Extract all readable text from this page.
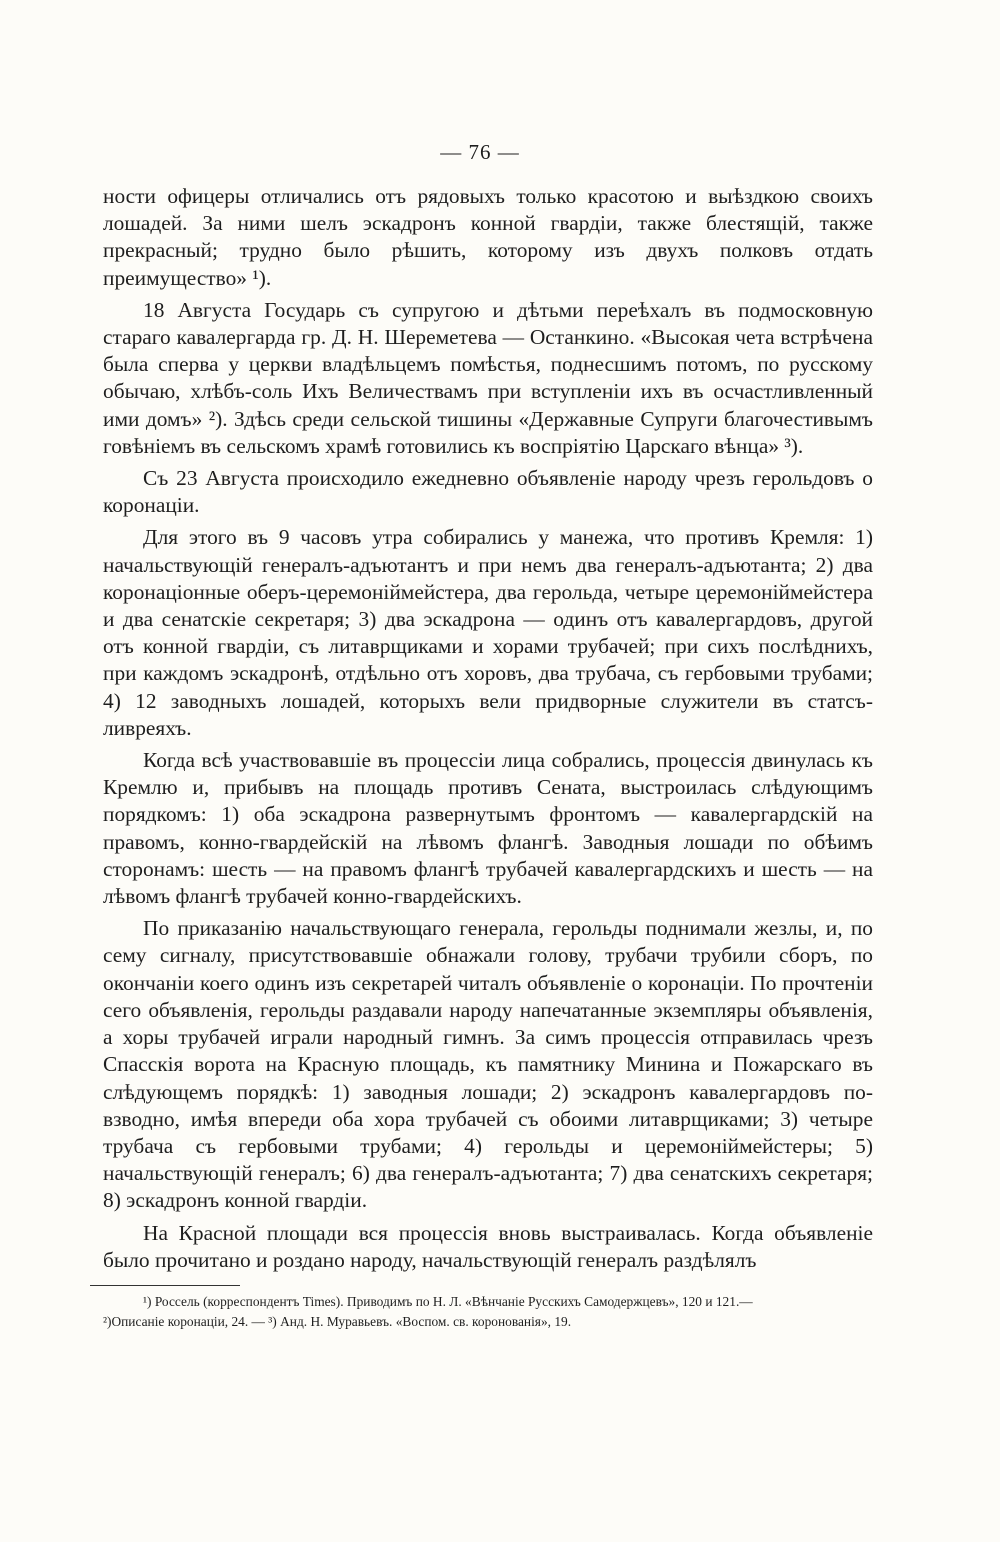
— 76 —

ности офицеры отличались отъ рядовыхъ только красотою и выѣздкою своихъ лошадей. За ними шелъ эскадронъ конной гвардіи, также блестящій, также прекрасный; трудно было рѣшить, которому изъ двухъ полковъ отдать преимущество» ¹).

18 Августа Государь съ супругою и дѣтьми переѣхалъ въ подмосковную стараго кавалергарда гр. Д. Н. Шереметева — Останкино. «Высокая чета встрѣчена была сперва у церкви владѣльцемъ помѣстья, поднесшимъ потомъ, по русскому обычаю, хлѣбъ-соль Ихъ Величествамъ при вступленіи ихъ въ осчастливленный ими домъ» ²). Здѣсь среди сельской тишины «Державные Супруги благочестивымъ говѣніемъ въ сельскомъ храмѣ готовились къ воспріятію Царскаго вѣнца» ³).

Съ 23 Августа происходило ежедневно объявленіе народу чрезъ герольдовъ о коронаціи.

Для этого въ 9 часовъ утра собирались у манежа, что противъ Кремля: 1) начальствующій генералъ-адъютантъ и при немъ два генералъ-адъютанта; 2) два коронаціонные оберъ-церемоніймейстера, два герольда, четыре церемоніймейстера и два сенатскіе секретаря; 3) два эскадрона — одинъ отъ кавалергардовъ, другой отъ конной гвардіи, съ литаврщиками и хорами трубачей; при сихъ послѣднихъ, при каждомъ эскадронѣ, отдѣльно отъ хоровъ, два трубача, съ гербовыми трубами; 4) 12 заводныхъ лошадей, которыхъ вели придворные служители въ статсъ-ливреяхъ.

Когда всѣ участвовавшіе въ процессіи лица собрались, процессія двинулась къ Кремлю и, прибывъ на площадь противъ Сената, выстроилась слѣдующимъ порядкомъ: 1) оба эскадрона развернутымъ фронтомъ — кавалергардскій на правомъ, конно-гвардейскій на лѣвомъ флангѣ. Заводныя лошади по обѣимъ сторонамъ: шесть — на правомъ флангѣ трубачей кавалергардскихъ и шесть — на лѣвомъ флангѣ трубачей конно-гвардейскихъ.

По приказанію начальствующаго генерала, герольды поднимали жезлы, и, по сему сигналу, присутствовавшіе обнажали голову, трубачи трубили сборъ, по окончаніи коего одинъ изъ секретарей читалъ объявленіе о коронаціи. По прочтеніи сего объявленія, герольды раздавали народу напечатанные экземпляры объявленія, а хоры трубачей играли народный гимнъ. За симъ процессія отправилась чрезъ Спасскія ворота на Красную площадь, къ памятнику Минина и Пожарскаго въ слѣдующемъ порядкѣ: 1) заводныя лошади; 2) эскадронъ кавалергардовъ по-взводно, имѣя впереди оба хора трубачей съ обоими литаврщиками; 3) четыре трубача съ гербовыми трубами; 4) герольды и церемоніймейстеры; 5) начальствующій генералъ; 6) два генералъ-адъютанта; 7) два сенатскихъ секретаря; 8) эскадронъ конной гвардіи.

На Красной площади вся процессія вновь выстраивалась. Когда объявленіе было прочитано и роздано народу, начальствующій генералъ раздѣлялъ

¹) Россель (корреспондентъ Times). Приводимъ по Н. Л. «Вѣнчаніе Русскихъ Самодержцевъ», 120 и 121.—
²)Описаніе коронаціи, 24. — ³) Анд. Н. Муравьевъ. «Воспом. св. коронованія», 19.
